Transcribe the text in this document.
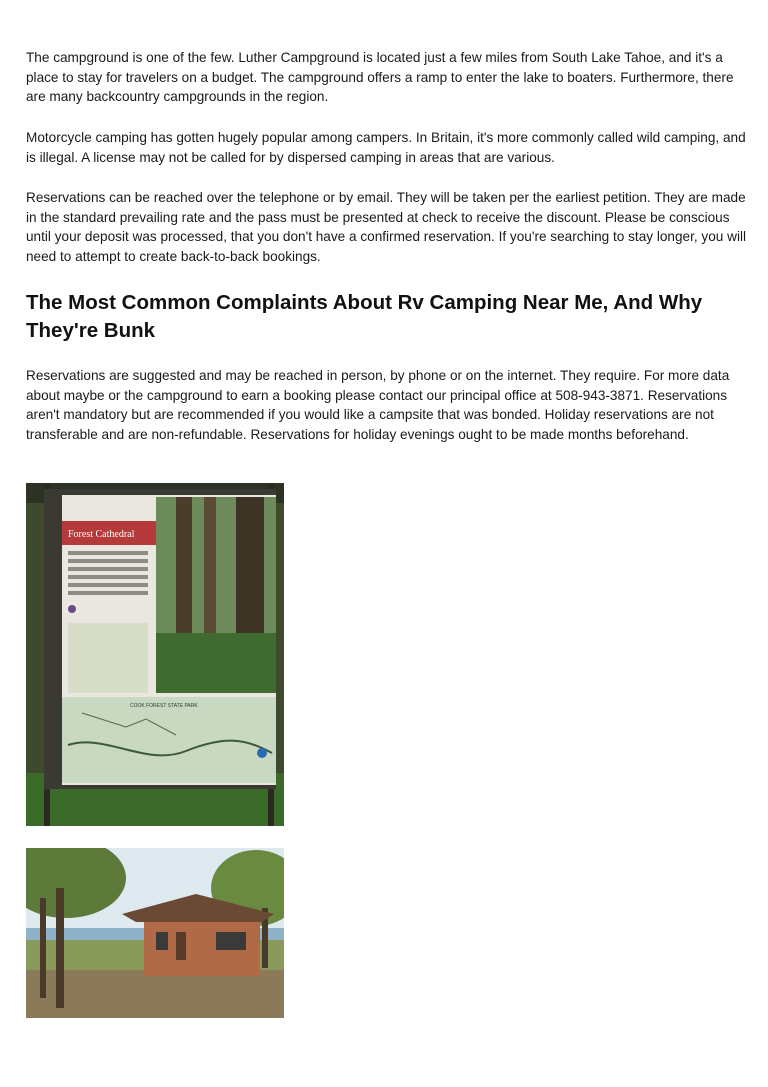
The campground is one of the few. Luther Campground is located just a few miles from South Lake Tahoe, and it's a place to stay for travelers on a budget. The campground offers a ramp to enter the lake to boaters. Furthermore, there are many backcountry campgrounds in the region.

Motorcycle camping has gotten hugely popular among campers. In Britain, it's more commonly called wild camping, and is illegal. A license may not be called for by dispersed camping in areas that are various.

Reservations can be reached over the telephone or by email. They will be taken per the earliest petition. They are made in the standard prevailing rate and the pass must be presented at check to receive the discount. Please be conscious until your deposit was processed, that you don't have a confirmed reservation. If you're searching to stay longer, you will need to attempt to create back-to-back bookings.

The Most Common Complaints About Rv Camping Near Me, And Why They're Bunk

Reservations are suggested and may be reached in person, by phone or on the internet. They require. For more data about maybe or the campground to earn a booking please contact our principal office at 508-943-3871. Reservations aren't mandatory but are recommended if you would like a campsite that was bonded. Holiday reservations are not transferable and are non-refundable. Reservations for holiday evenings ought to be made months beforehand.

Forest Cathedral
COOK FOREST STATE PARK
